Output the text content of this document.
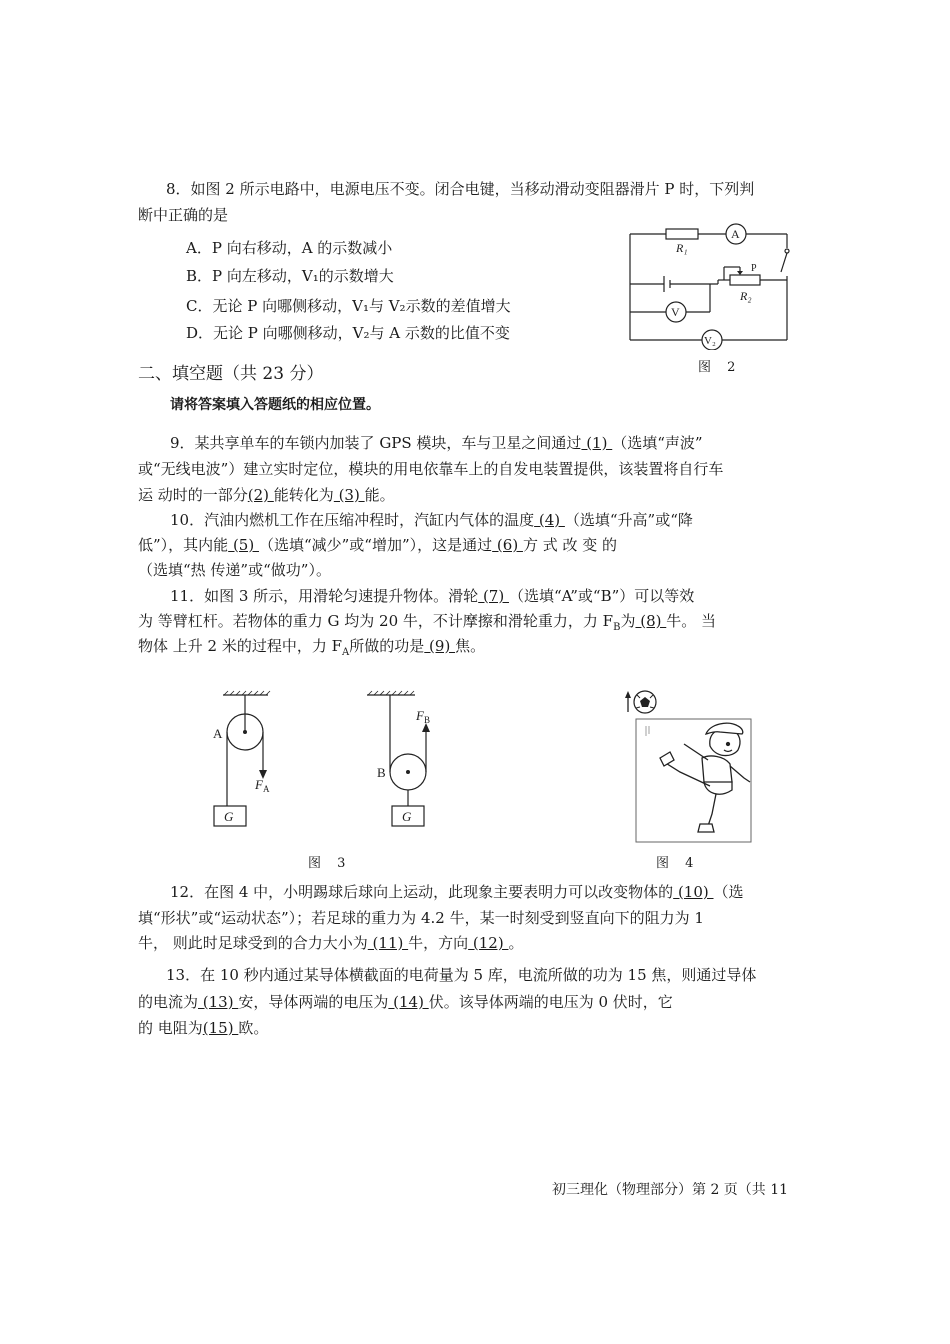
8．如图 2 所示电路中，电源电压不变。闭合电键，当移动滑动变阻器滑片 P 时，下列判
断中正确的是
A．P 向右移动，A 的示数减小
B．P 向左移动，V₁的示数增大
C．无论 P 向哪侧移动，V₁与 V₂示数的差值增大
D．无论 P 向哪侧移动，V₂与 A 示数的比值不变
R₁
A
P
R₂
V
V₂
图 2
二、填空题（共 23 分）
请将答案填入答题纸的相应位置。
9．某共享单车的车锁内加装了 GPS 模块，车与卫星之间通过 (1) （选填“声波”
或“无线电波”）建立实时定位，模块的用电依靠车上的自发电装置提供，该装置将自行车
运 动时的一部分(2) 能转化为 (3) 能。
10．汽油内燃机工作在压缩冲程时，汽缸内气体的温度 (4) （选填“升高”或“降
低”），其内能 (5) （选填“减少”或“增加”），这是通过 (6) 方 式 改 变 的
（选填“热 传递”或“做功”）。
11．如图 3 所示，用滑轮匀速提升物体。滑轮 (7) （选填“A”或“B”）可以等效
为 等臂杠杆。若物体的重力 G 均为 20 牛，不计摩擦和滑轮重力，力 $F_B$为 (8) 牛。 当
物体 上升 2 米的过程中，力 $F_A$所做的功是 (9) 焦。
A
F A
G
B
F B
G
图 3	图 4
12．在图 4 中，小明踢球后球向上运动，此现象主要表明力可以改变物体的 (10) （选
填“形状”或“运动状态”）；若足球的重力为 4.2 牛，某一时刻受到竖直向下的阻力为 1
牛， 则此时足球受到的合力大小为 (11) 牛，方向 (12) 。
13．在 10 秒内通过某导体横截面的电荷量为 5 库，电流所做的功为 15 焦，则通过导体
的电流为 (13) 安，导体两端的电压为 (14) 伏。该导体两端的电压为 0 伏时，它
的 电阻为(15) 欧。
初三理化（物理部分）第 2 页（共 11
